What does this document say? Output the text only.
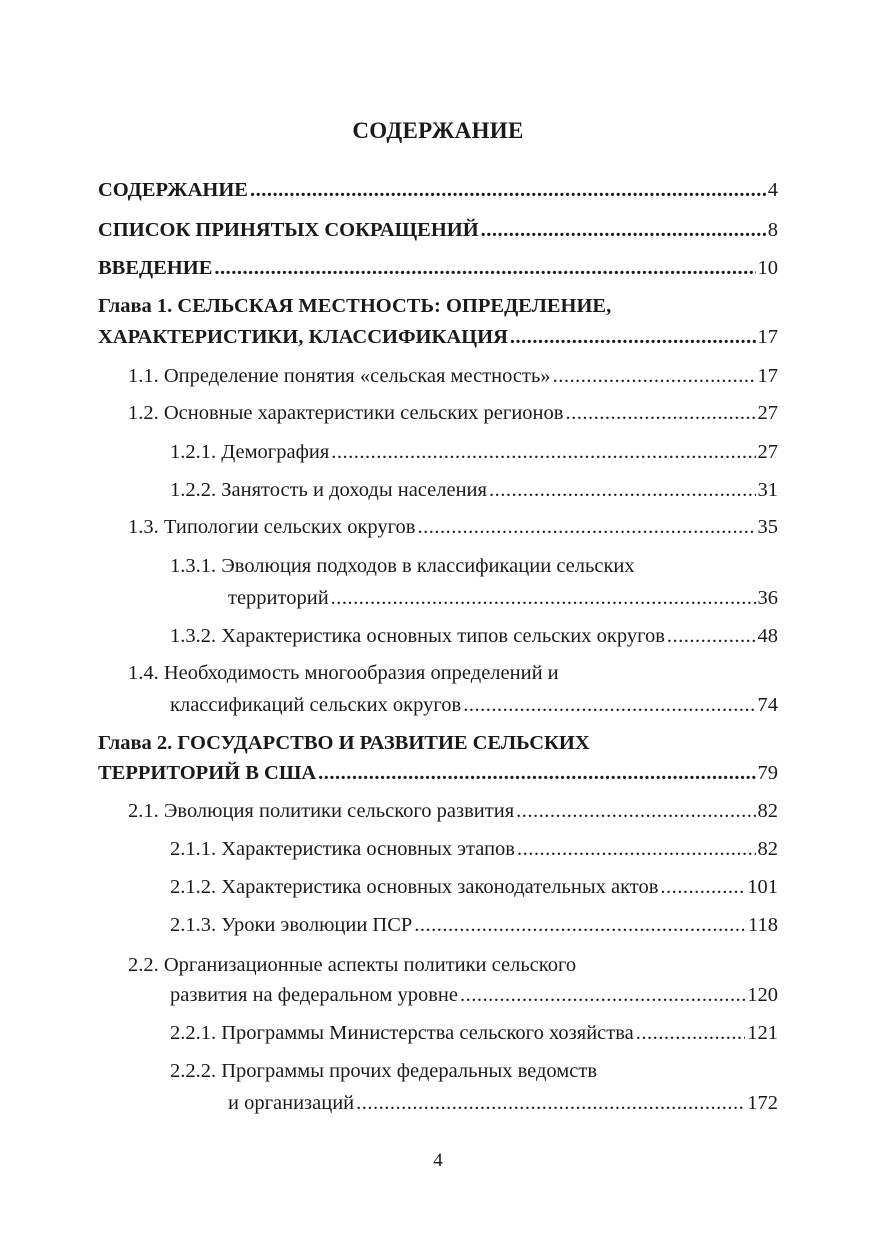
СОДЕРЖАНИЕ
СОДЕРЖАНИЕ .....	4
СПИСОК ПРИНЯТЫХ СОКРАЩЕНИЙ .....	8
ВВЕДЕНИЕ .....	10
Глава 1. СЕЛЬСКАЯ МЕСТНОСТЬ: ОПРЕДЕЛЕНИЕ,
ХАРАКТЕРИСТИКИ, КЛАССИФИКАЦИЯ .....	17
1.1. Определение понятия «сельская местность» .....	17
1.2. Основные характеристики сельских регионов .....	27
1.2.1. Демография .....	27
1.2.2. Занятость и доходы населения .....	31
1.3. Типологии сельских округов .....	35
1.3.1. Эволюция подходов в классификации сельских
территорий .....	36
1.3.2. Характеристика основных типов сельских округов .....	48
1.4. Необходимость многообразия определений и
классификаций сельских округов .....	74
Глава 2. ГОСУДАРСТВО И РАЗВИТИЕ СЕЛЬСКИХ
ТЕРРИТОРИЙ В США .....	79
2.1. Эволюция политики сельского развития .....	82
2.1.1. Характеристика основных этапов .....	82
2.1.2. Характеристика основных законодательных актов .....	101
2.1.3. Уроки эволюции ПСР .....	118
2.2. Организационные аспекты политики сельского
развития на федеральном уровне .....	120
2.2.1. Программы Министерства сельского хозяйства .....	121
2.2.2. Программы прочих федеральных ведомств
и организаций .....	172
4
